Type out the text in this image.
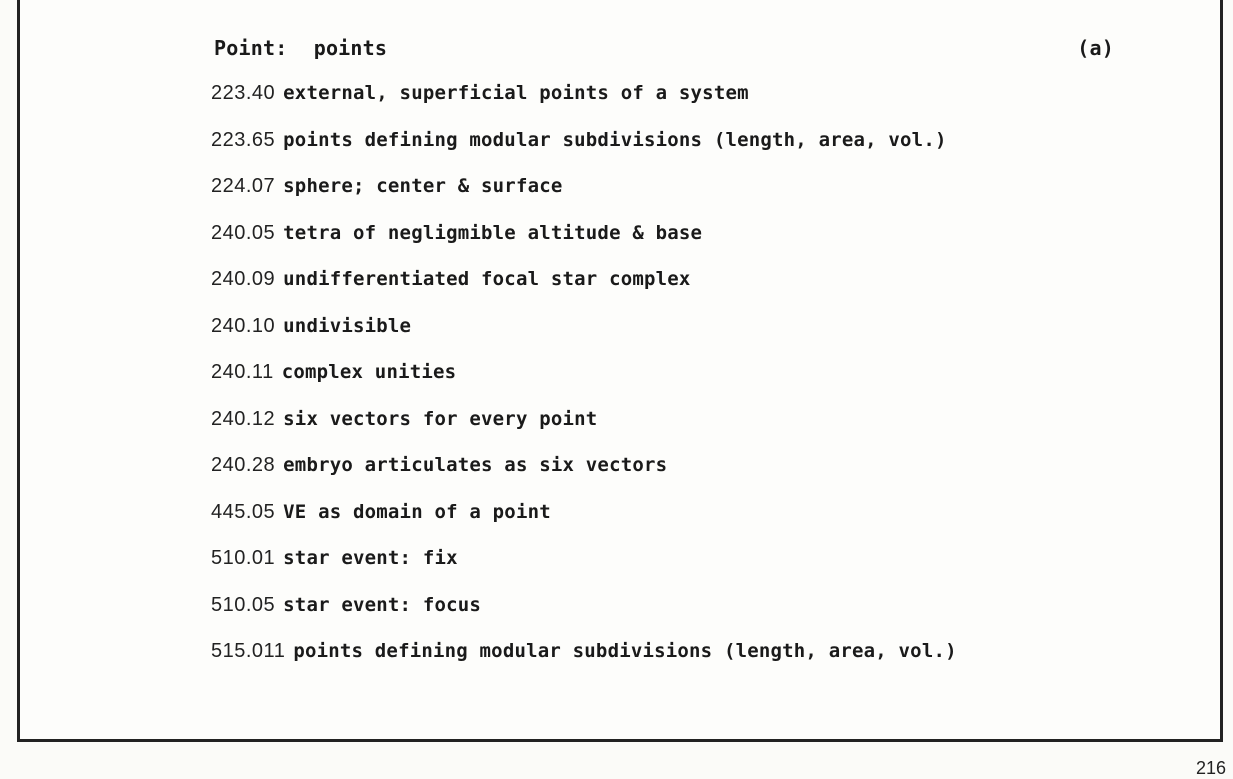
Point: points	(a)
223.40 external, superficial points of a system
223.65 points defining modular subdivisions (length, area, vol.)
224.07 sphere; center & surface
240.05 tetra of negligmible altitude & base
240.09 undifferentiated focal star complex
240.10 undivisible
240.11 complex unities
240.12 six vectors for every point
240.28 embryo articulates as six vectors
445.05 VE as domain of a point
510.01 star event: fix
510.05 star event: focus
515.011 points defining modular subdivisions (length, area, vol.)
216
